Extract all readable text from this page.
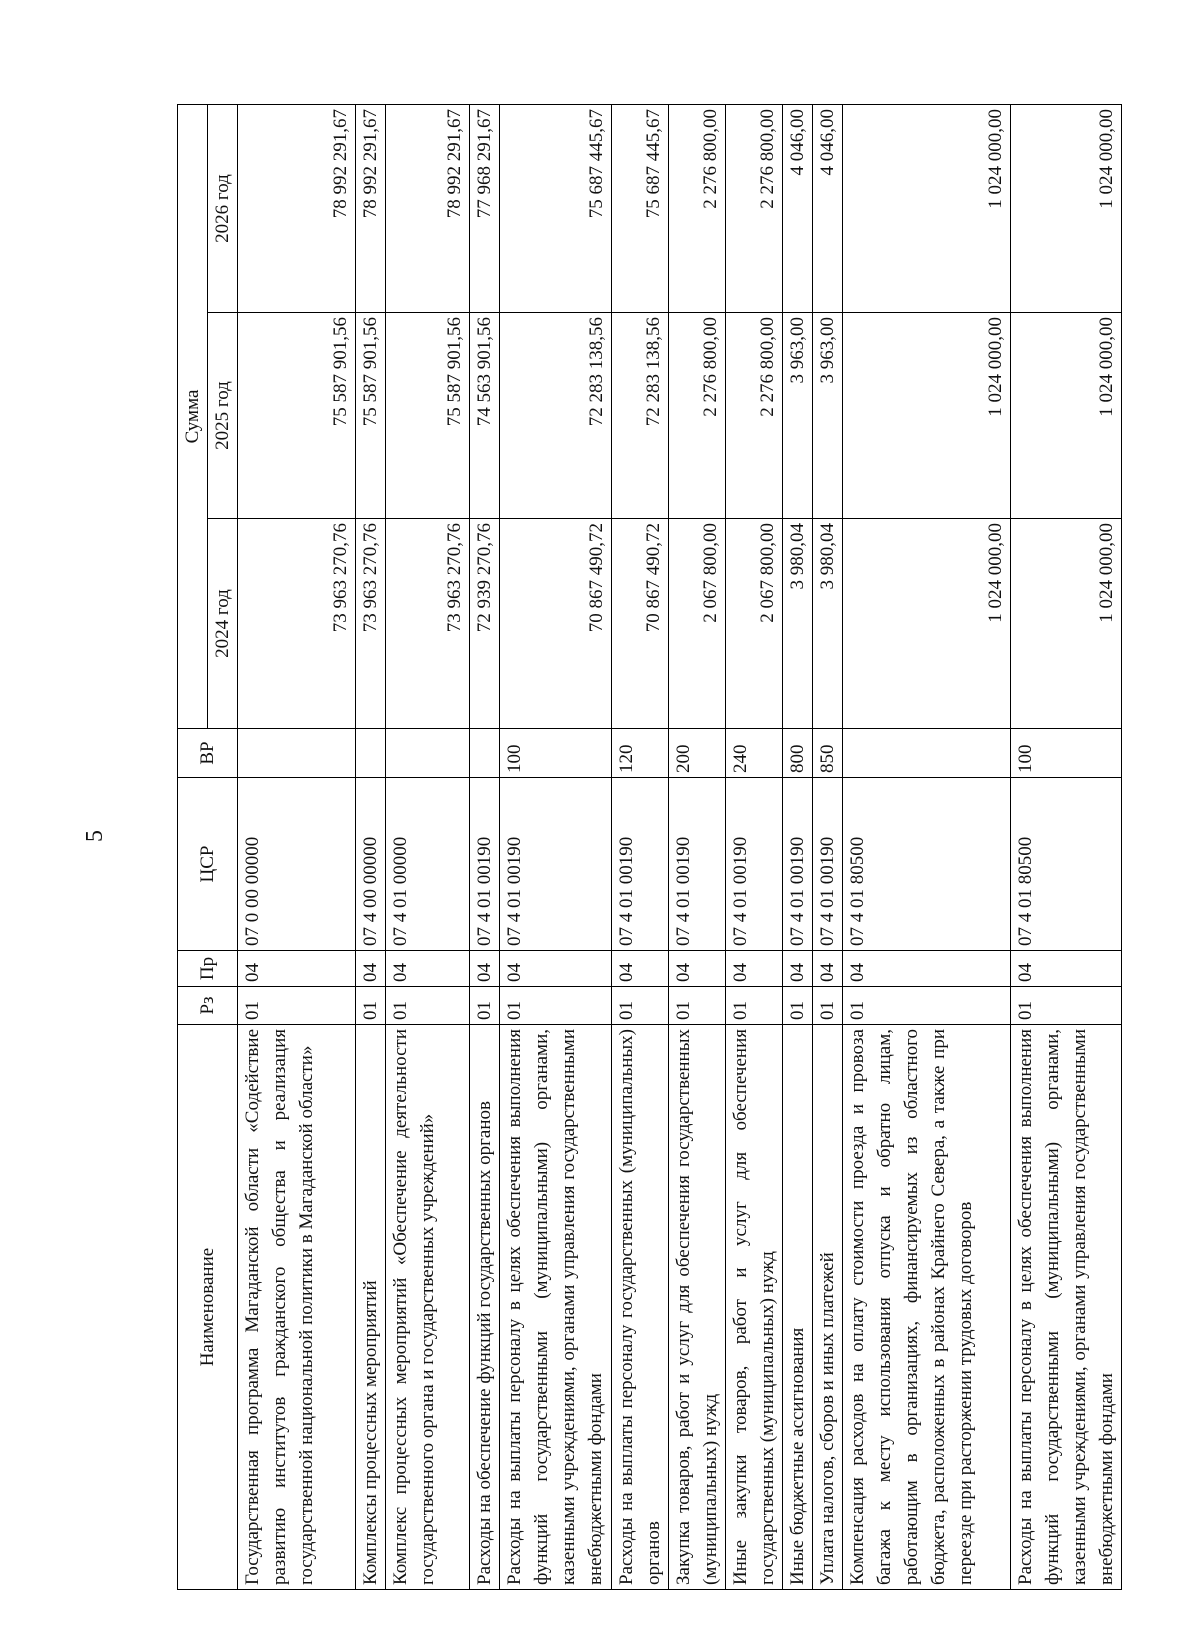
5
Наименование	Рз	Пр	ЦСР	ВР	Сумма		
					2024 год	2025 год	2026 год
Государственная программа Магаданской области «Содействие развитию институтов гражданского общества и реализация государственной национальной политики в Магаданской области»	01	04	07 0 00 00000		73 963 270,76	75 587 901,56	78 992 291,67
Комплексы процессных мероприятий	01	04	07 4 00 00000		73 963 270,76	75 587 901,56	78 992 291,67
Комплекс процессных мероприятий «Обеспечение деятельности государственного органа и государственных учреждений»	01	04	07 4 01 00000		73 963 270,76	75 587 901,56	78 992 291,67
Расходы на обеспечение функций государственных органов	01	04	07 4 01 00190		72 939 270,76	74 563 901,56	77 968 291,67
Расходы на выплаты персоналу в целях обеспечения выполнения функций государственными (муниципальными) органами, казенными учреждениями, органами управления государственными внебюджетными фондами	01	04	07 4 01 00190	100	70 867 490,72	72 283 138,56	75 687 445,67
Расходы на выплаты персоналу государственных (муниципальных) органов	01	04	07 4 01 00190	120	70 867 490,72	72 283 138,56	75 687 445,67
Закупка товаров, работ и услуг для обеспечения государственных (муниципальных) нужд	01	04	07 4 01 00190	200	2 067 800,00	2 276 800,00	2 276 800,00
Иные закупки товаров, работ и услуг для обеспечения государственных (муниципальных) нужд	01	04	07 4 01 00190	240	2 067 800,00	2 276 800,00	2 276 800,00
Иные бюджетные ассигнования	01	04	07 4 01 00190	800	3 980,04	3 963,00	4 046,00
Уплата налогов, сборов и иных платежей	01	04	07 4 01 00190	850	3 980,04	3 963,00	4 046,00
Компенсация расходов на оплату стоимости проезда и провоза багажа к месту использования отпуска и обратно лицам, работающим в организациях, финансируемых из областного бюджета, расположенных в районах Крайнего Севера, а также при переезде при расторжении трудовых договоров	01	04	07 4 01 80500		1 024 000,00	1 024 000,00	1 024 000,00
Расходы на выплаты персоналу в целях обеспечения выполнения функций государственными (муниципальными) органами, казенными учреждениями, органами управления государственными внебюджетными фондами	01	04	07 4 01 80500	100	1 024 000,00	1 024 000,00	1 024 000,00
